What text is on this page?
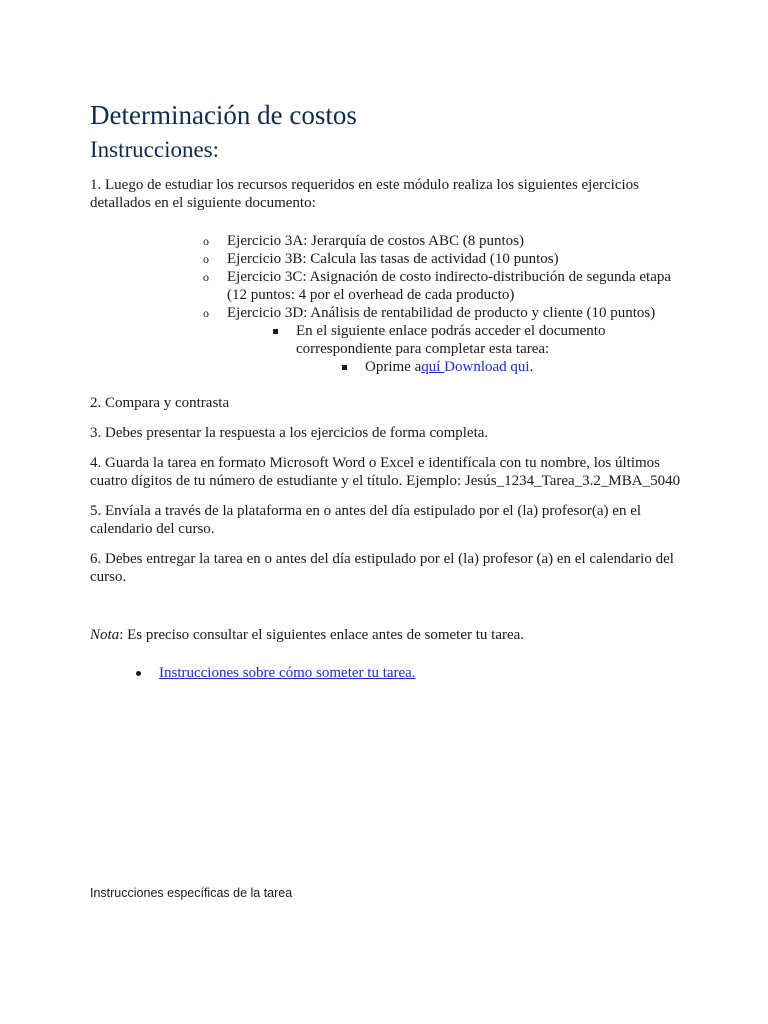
Determinación de costos
Instrucciones:

1. Luego de estudiar los recursos requeridos en este módulo realiza los siguientes ejercicios detallados en el siguiente documento:

o Ejercicio 3A: Jerarquía de costos ABC (8 puntos)
o Ejercicio 3B: Calcula las tasas de actividad (10 puntos)
o Ejercicio 3C: Asignación de costo indirecto-distribución de segunda etapa (12 puntos: 4 por el overhead de cada producto)
o Ejercicio 3D: Análisis de rentabilidad de producto y cliente (10 puntos)
En el siguiente enlace podrás acceder el documento correspondiente para completar esta tarea:
Oprime aquí Download qui.

2. Compara y contrasta

3. Debes presentar la respuesta a los ejercicios de forma completa.

4. Guarda la tarea en formato Microsoft Word o Excel e identifícala con tu nombre, los últimos cuatro dígitos de tu número de estudiante y el título. Ejemplo: Jesús_1234_Tarea_3.2_MBA_5040

5. Envíala a través de la plataforma en o antes del día estipulado por el (la) profesor(a) en el calendario del curso.

6. Debes entregar la tarea en o antes del día estipulado por el (la) profesor (a) en el calendario del curso.

Nota: Es preciso consultar el siguientes enlace antes de someter tu tarea.

Instrucciones sobre cómo someter tu tarea.
Instrucciones específicas de la tarea
